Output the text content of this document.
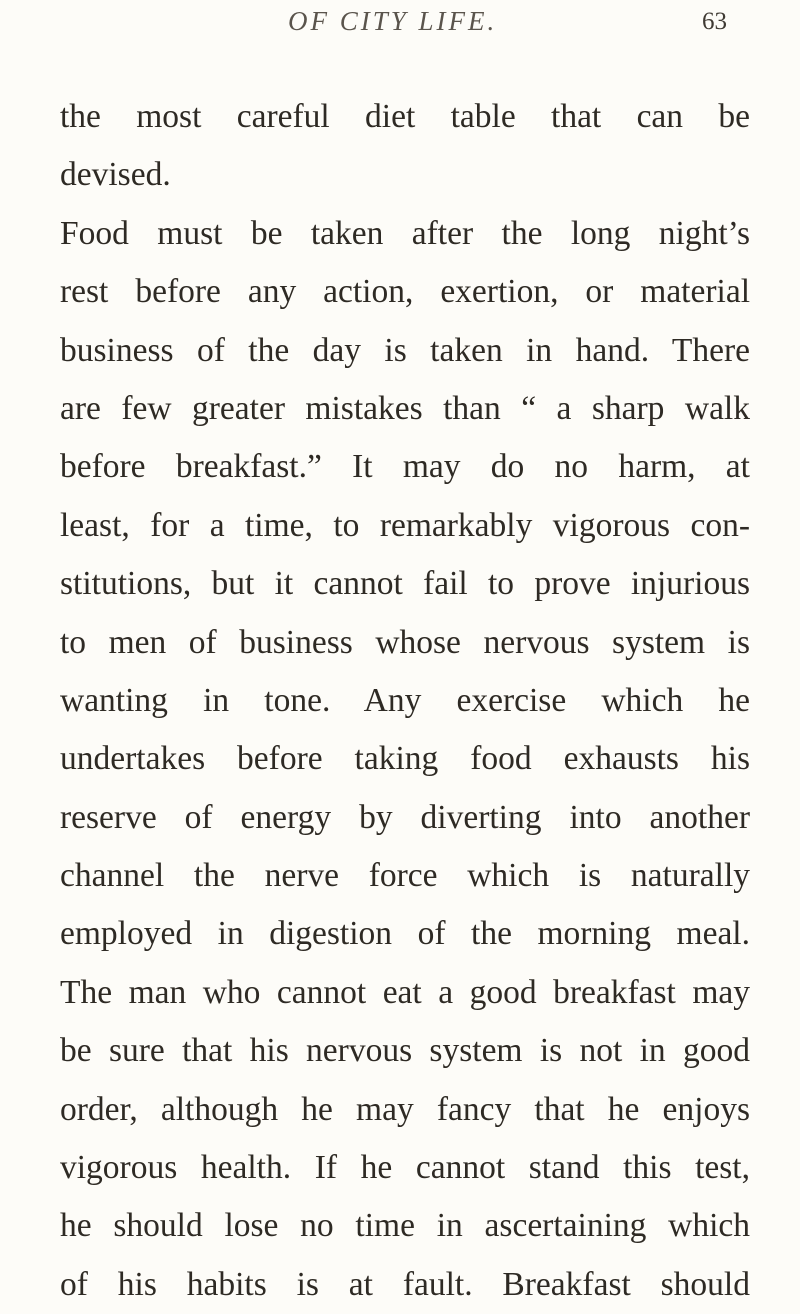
OF CITY LIFE.	63
the most careful diet table that can be
devised.
Food must be taken after the long night’s
rest before any action, exertion, or material
business of the day is taken in hand. There
are few greater mistakes than “ a sharp walk
before breakfast.” It may do no harm, at
least, for a time, to remarkably vigorous con-
stitutions, but it cannot fail to prove injurious
to men of business whose nervous system is
wanting in tone. Any exercise which he
undertakes before taking food exhausts his
reserve of energy by diverting into another
channel the nerve force which is naturally
employed in digestion of the morning meal.
The man who cannot eat a good breakfast may
be sure that his nervous system is not in good
order, although he may fancy that he enjoys
vigorous health. If he cannot stand this test,
he should lose no time in ascertaining which
of his habits is at fault. Breakfast should
